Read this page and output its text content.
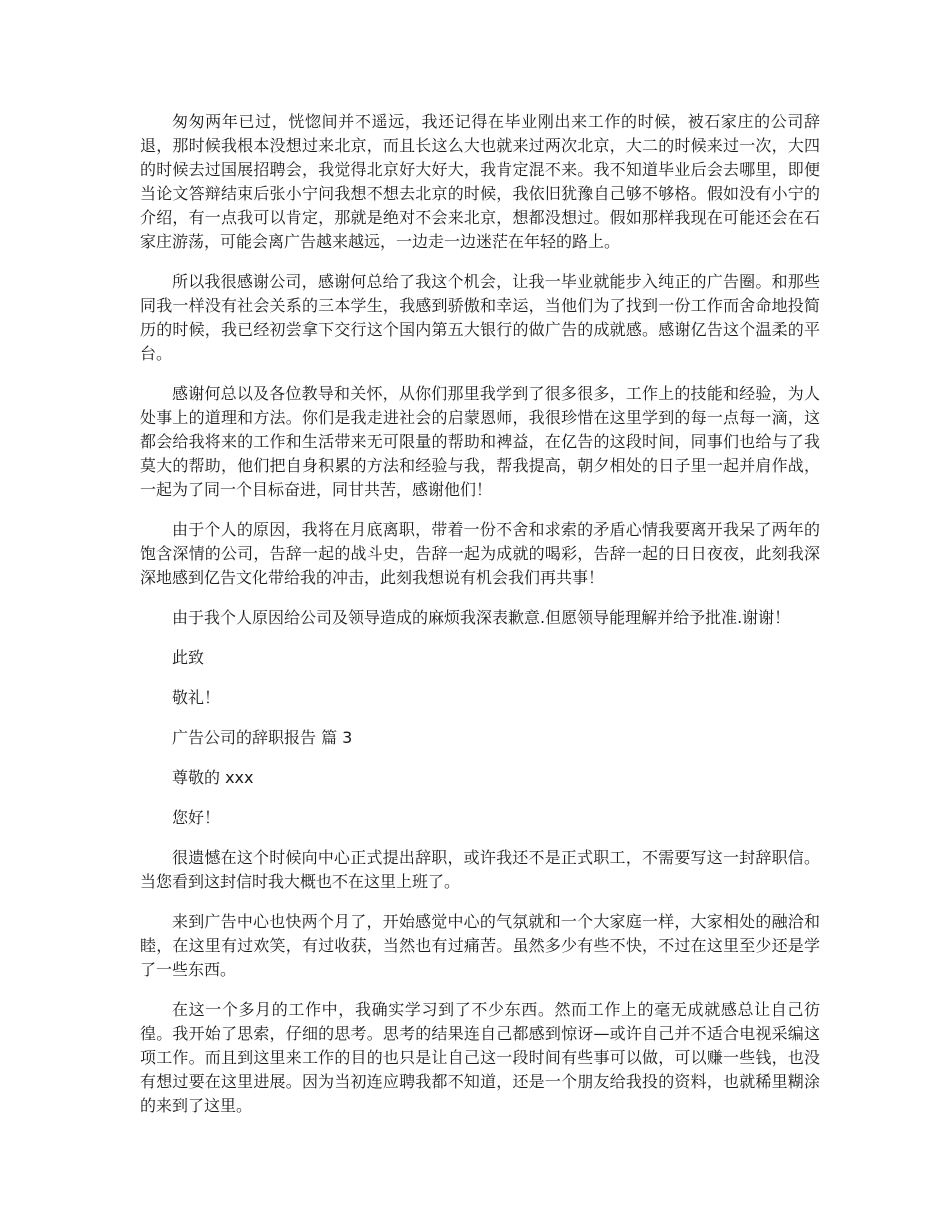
匆匆两年已过，恍惚间并不遥远，我还记得在毕业刚出来工作的时候，被石家庄的公司辞退，那时候我根本没想过来北京，而且长这么大也就来过两次北京，大二的时候来过一次，大四的时候去过国展招聘会，我觉得北京好大好大，我肯定混不来。我不知道毕业后会去哪里，即便当论文答辩结束后张小宁问我想不想去北京的时候，我依旧犹豫自己够不够格。假如没有小宁的介绍，有一点我可以肯定，那就是绝对不会来北京，想都没想过。假如那样我现在可能还会在石家庄游荡，可能会离广告越来越远，一边走一边迷茫在年轻的路上。

所以我很感谢公司，感谢何总给了我这个机会，让我一毕业就能步入纯正的广告圈。和那些同我一样没有社会关系的三本学生，我感到骄傲和幸运，当他们为了找到一份工作而舍命地投简历的时候，我已经初尝拿下交行这个国内第五大银行的做广告的成就感。感谢亿告这个温柔的平台。

感谢何总以及各位教导和关怀，从你们那里我学到了很多很多，工作上的技能和经验，为人处事上的道理和方法。你们是我走进社会的启蒙恩师，我很珍惜在这里学到的每一点每一滴，这都会给我将来的工作和生活带来无可限量的帮助和裨益，在亿告的这段时间，同事们也给与了我莫大的帮助，他们把自身积累的方法和经验与我，帮我提高，朝夕相处的日子里一起并肩作战，一起为了同一个目标奋进，同甘共苦，感谢他们！

由于个人的原因，我将在月底离职，带着一份不舍和求索的矛盾心情我要离开我呆了两年的饱含深情的公司，告辞一起的战斗史，告辞一起为成就的喝彩，告辞一起的日日夜夜，此刻我深深地感到亿告文化带给我的冲击，此刻我想说有机会我们再共事！

由于我个人原因给公司及领导造成的麻烦我深表歉意.但愿领导能理解并给予批准.谢谢！

此致

敬礼！

广告公司的辞职报告 篇 3

尊敬的 xxx

您好！

很遗憾在这个时候向中心正式提出辞职，或许我还不是正式职工，不需要写这一封辞职信。当您看到这封信时我大概也不在这里上班了。

来到广告中心也快两个月了，开始感觉中心的气氛就和一个大家庭一样，大家相处的融洽和睦，在这里有过欢笑，有过收获，当然也有过痛苦。虽然多少有些不快，不过在这里至少还是学了一些东西。

在这一个多月的工作中，我确实学习到了不少东西。然而工作上的毫无成就感总让自己彷徨。我开始了思索，仔细的思考。思考的结果连自己都感到惊讶—或许自己并不适合电视采编这项工作。而且到这里来工作的目的也只是让自己这一段时间有些事可以做，可以赚一些钱，也没有想过要在这里进展。因为当初连应聘我都不知道，还是一个朋友给我投的资料，也就稀里糊涂的来到了这里。
